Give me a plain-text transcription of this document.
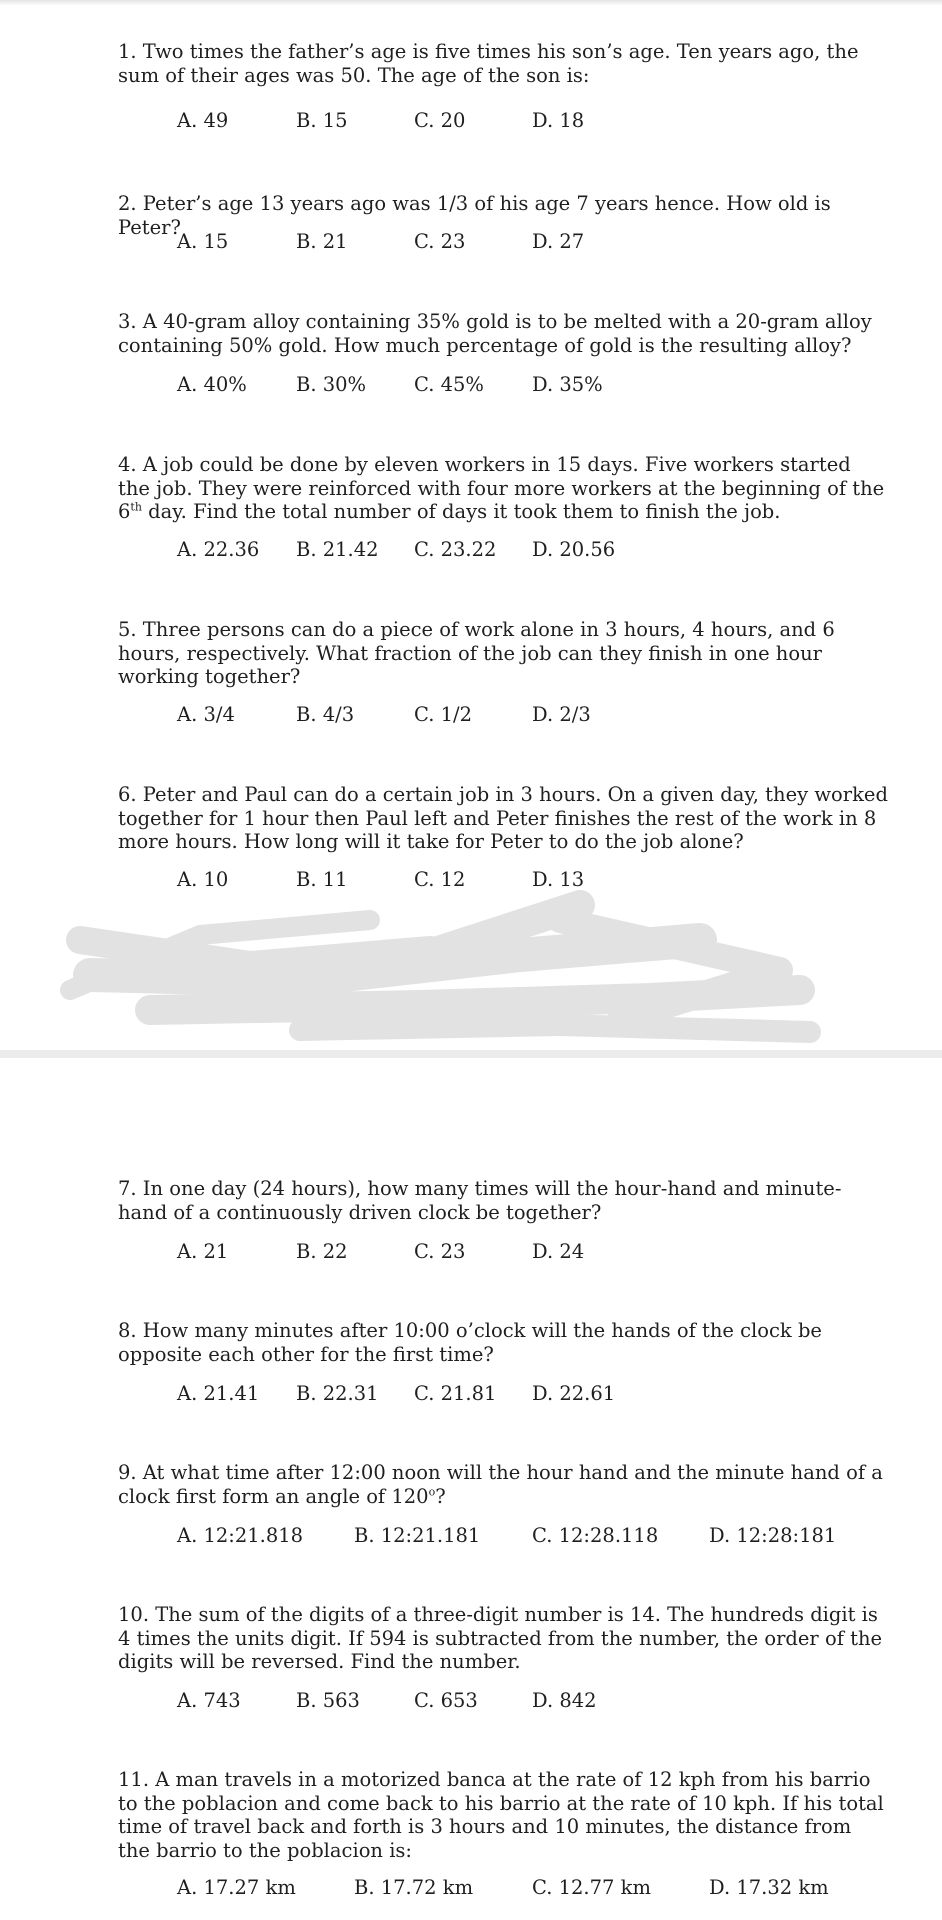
1. Two times the father’s age is five times his son’s age. Ten years ago, the sum of their ages was 50. The age of the son is:
A. 49	B. 15	C. 20	D. 18
2. Peter’s age 13 years ago was 1/3 of his age 7 years hence. How old is Peter?
A. 15	B. 21	C. 23	D. 27
3. A 40-gram alloy containing 35% gold is to be melted with a 20-gram alloy containing 50% gold. How much percentage of gold is the resulting alloy?
A. 40%	B. 30% C. 45% D. 35%
4. A job could be done by eleven workers in 15 days. Five workers started the job. They were reinforced with four more workers at the beginning of the 6th day. Find the total number of days it took them to finish the job.
A. 22.36 B. 21.42 C. 23.22 D. 20.56
5. Three persons can do a piece of work alone in 3 hours, 4 hours, and 6 hours, respectively. What fraction of the job can they finish in one hour working together?
A. 3/4	B. 4/3	C. 1/2	D. 2/3
6. Peter and Paul can do a certain job in 3 hours. On a given day, they worked together for 1 hour then Paul left and Peter finishes the rest of the work in 8 more hours. How long will it take for Peter to do the job alone?
A. 10	B. 11	C. 12	D. 13
7. In one day (24 hours), how many times will the hour-hand and minute-hand of a continuously driven clock be together?
A. 21	B. 22	C. 23	D. 24
8. How many minutes after 10:00 o’clock will the hands of the clock be opposite each other for the first time?
A. 21.41 B. 22.31 C. 21.81 D. 22.61
9. At what time after 12:00 noon will the hour hand and the minute hand of a clock first form an angle of 120$^o$?
A. 12:21.818	B. 12:21.181	C. 12:28.118	D. 12:28:181
10. The sum of the digits of a three-digit number is 14. The hundreds digit is 4 times the units digit. If 594 is subtracted from the number, the order of the digits will be reversed. Find the number.
A. 743	B. 563	C. 653	D. 842
11. A man travels in a motorized banca at the rate of 12 kph from his barrio to the poblacion and come back to his barrio at the rate of 10 kph. If his total time of travel back and forth is 3 hours and 10 minutes, the distance from the barrio to the poblacion is:
A. 17.27 km	B. 17.72 km	C. 12.77 km	D. 17.32 km
